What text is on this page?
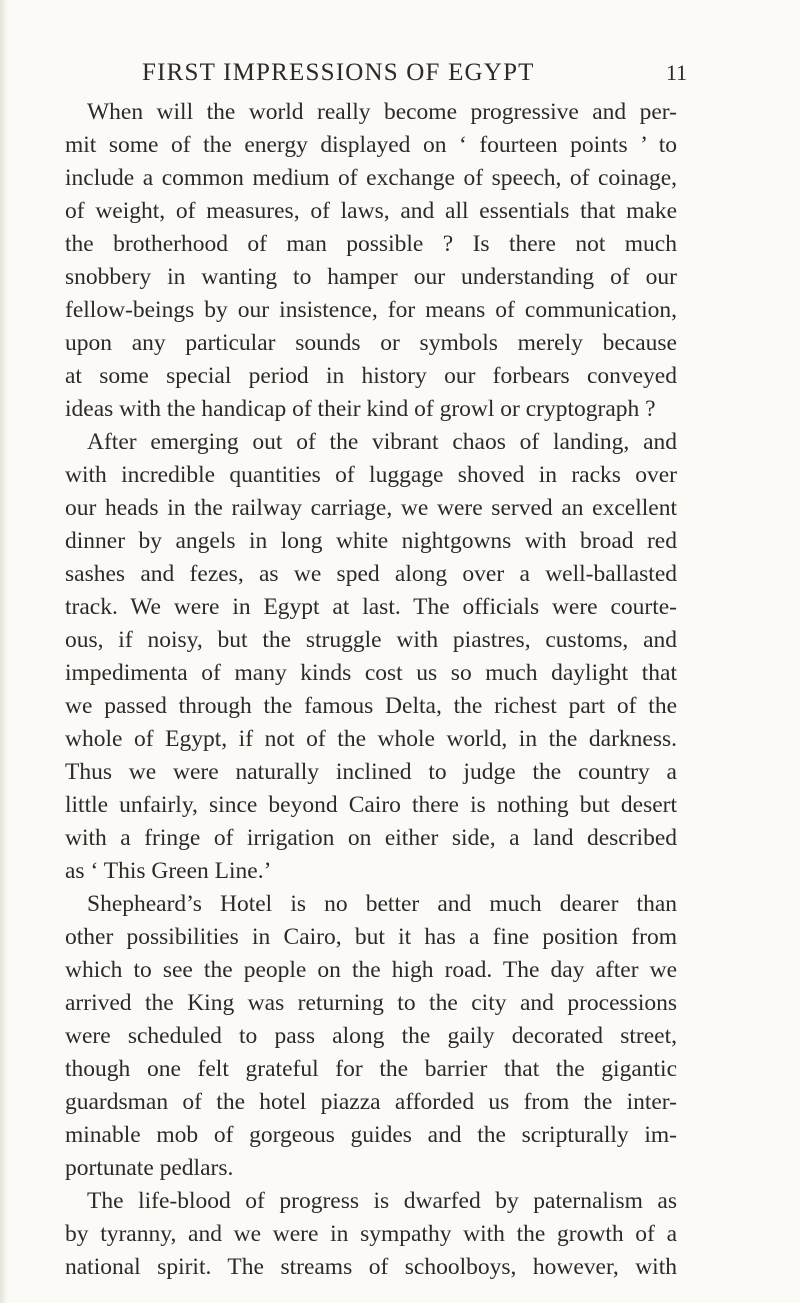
FIRST IMPRESSIONS OF EGYPT	11
When will the world really become progressive and per-
mit some of the energy displayed on ‘ fourteen points ’ to
include a common medium of exchange of speech, of coinage,
of weight, of measures, of laws, and all essentials that make
the brotherhood of man possible ? Is there not much
snobbery in wanting to hamper our understanding of our
fellow-beings by our insistence, for means of communication,
upon any particular sounds or symbols merely because
at some special period in history our forbears conveyed
ideas with the handicap of their kind of growl or cryptograph ?
After emerging out of the vibrant chaos of landing, and
with incredible quantities of luggage shoved in racks over
our heads in the railway carriage, we were served an excellent
dinner by angels in long white nightgowns with broad red
sashes and fezes, as we sped along over a well-ballasted
track. We were in Egypt at last. The officials were courte-
ous, if noisy, but the struggle with piastres, customs, and
impedimenta of many kinds cost us so much daylight that
we passed through the famous Delta, the richest part of the
whole of Egypt, if not of the whole world, in the darkness.
Thus we were naturally inclined to judge the country a
little unfairly, since beyond Cairo there is nothing but desert
with a fringe of irrigation on either side, a land described
as ‘ This Green Line.’
Shepheard’s Hotel is no better and much dearer than
other possibilities in Cairo, but it has a fine position from
which to see the people on the high road. The day after we
arrived the King was returning to the city and processions
were scheduled to pass along the gaily decorated street,
though one felt grateful for the barrier that the gigantic
guardsman of the hotel piazza afforded us from the inter-
minable mob of gorgeous guides and the scripturally im-
portunate pedlars.
The life-blood of progress is dwarfed by paternalism as
by tyranny, and we were in sympathy with the growth of a
national spirit. The streams of schoolboys, however, with
